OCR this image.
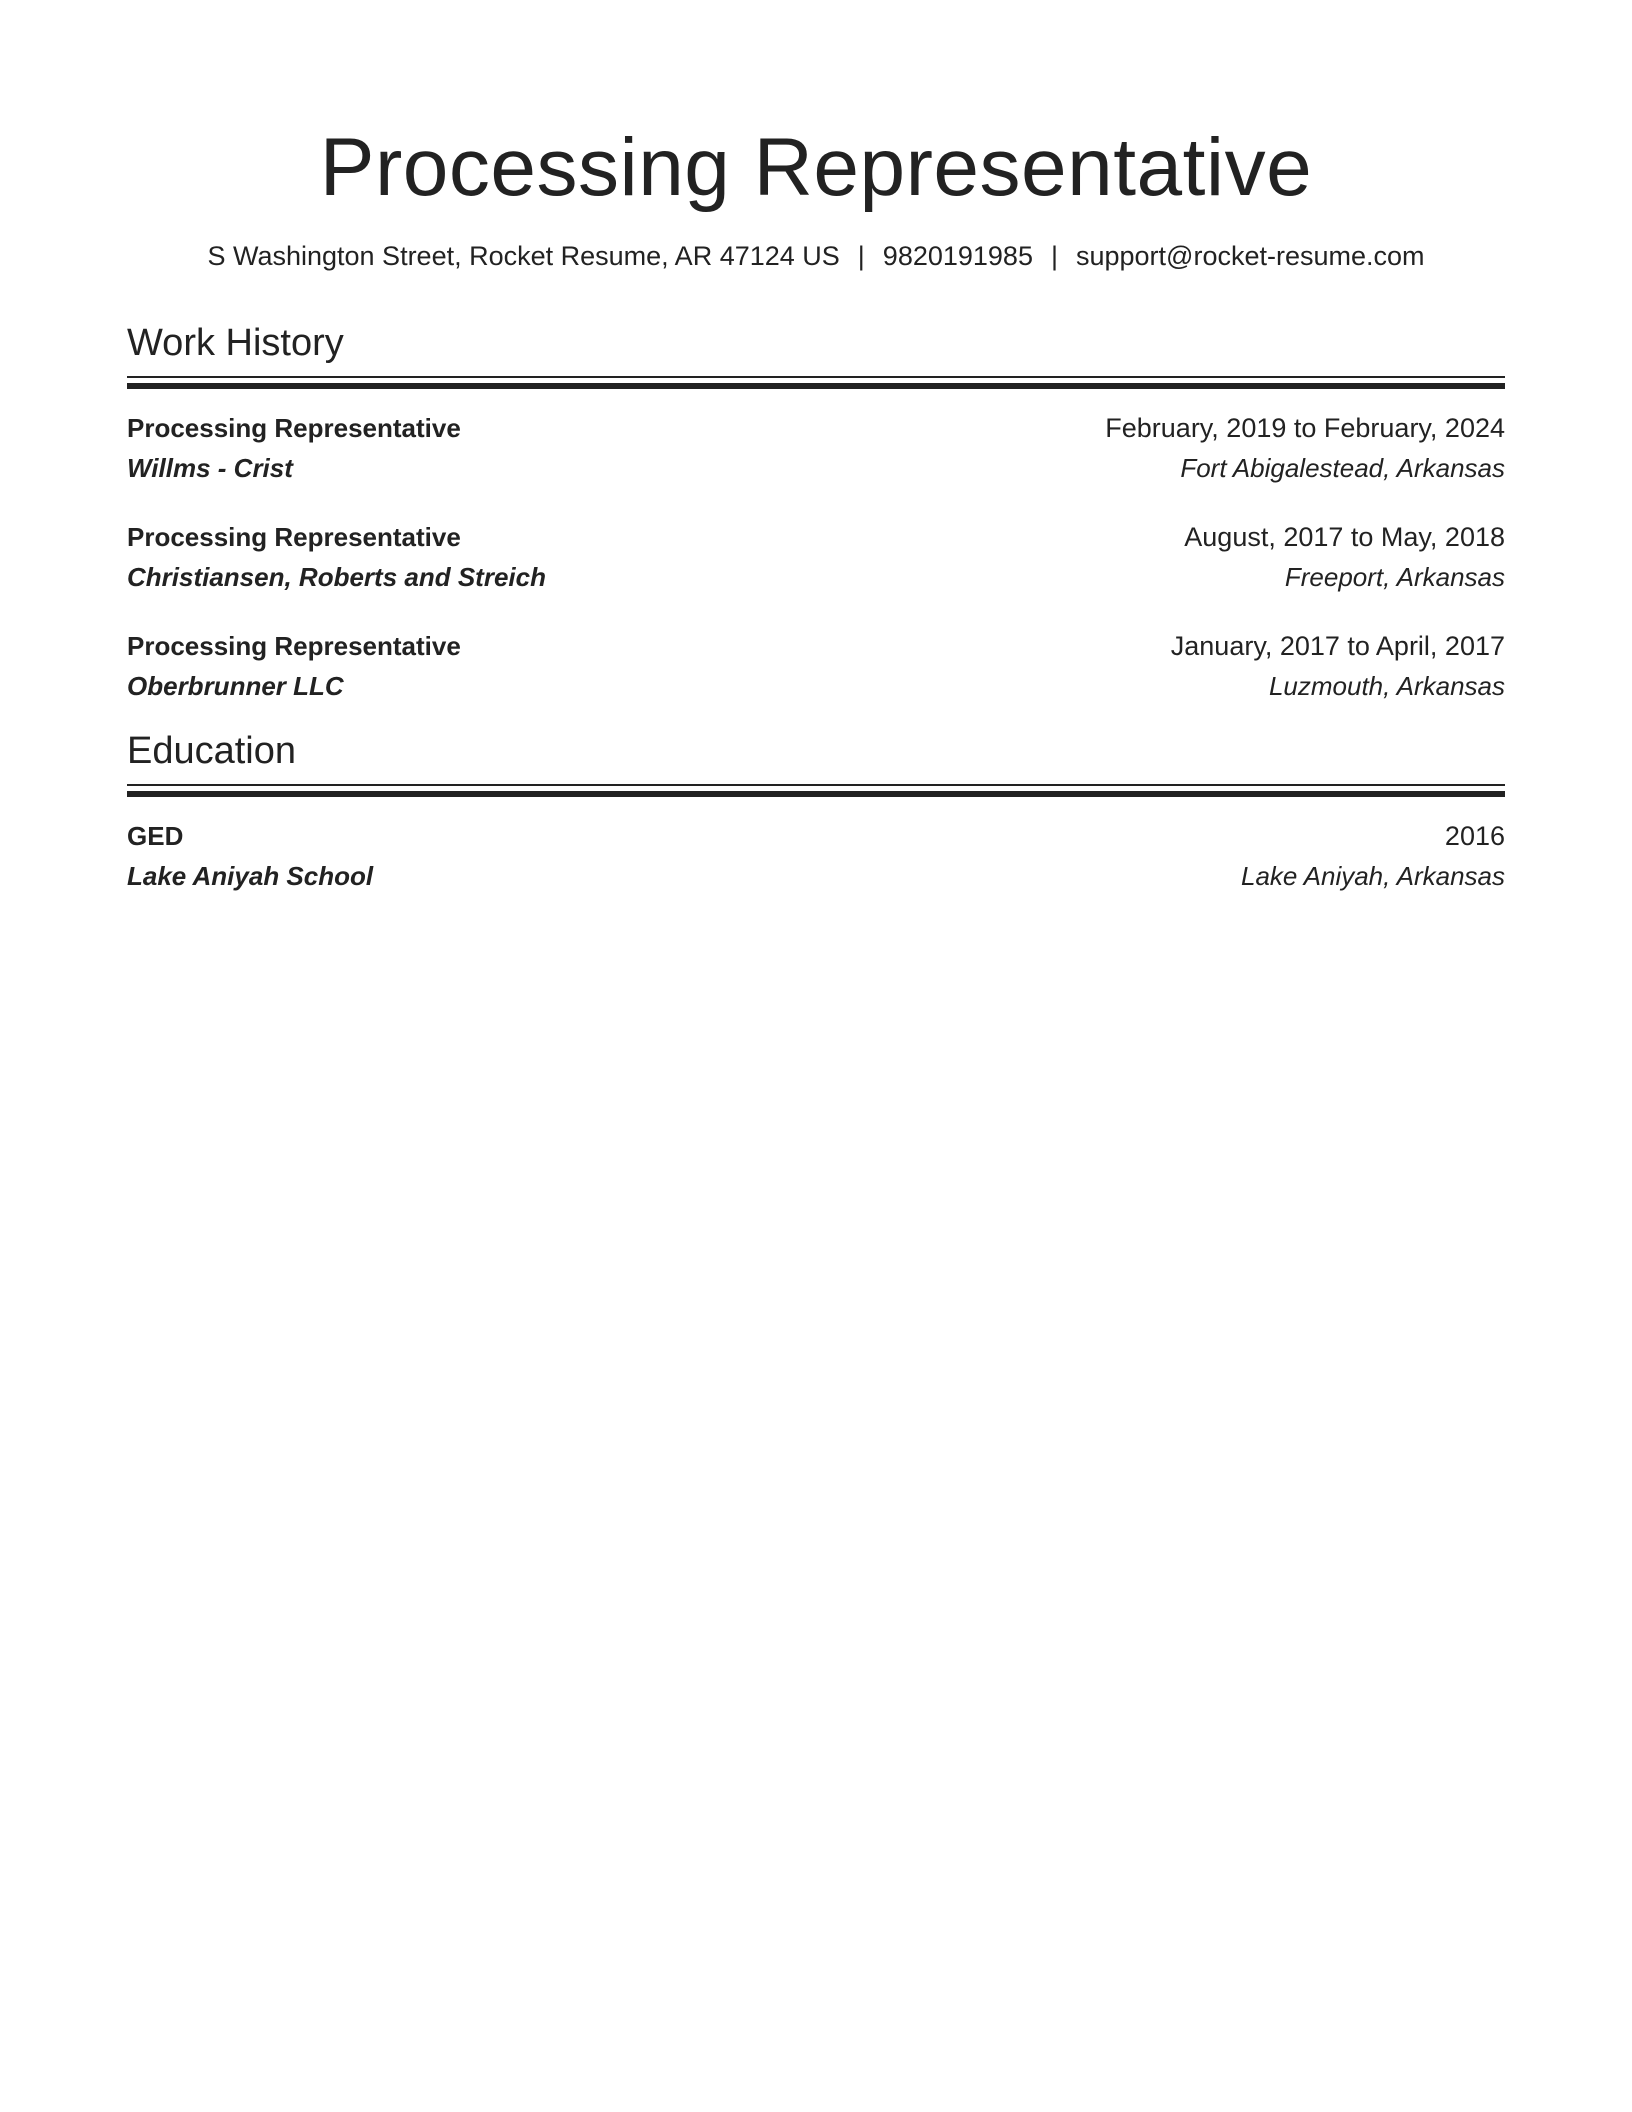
Processing Representative
S Washington Street, Rocket Resume, AR 47124 US | 9820191985 | support@rocket-resume.com
Work History
Processing Representative	February, 2019 to February, 2024
Willms - Crist	Fort Abigalestead, Arkansas
Processing Representative	August, 2017 to May, 2018
Christiansen, Roberts and Streich	Freeport, Arkansas
Processing Representative	January, 2017 to April, 2017
Oberbrunner LLC	Luzmouth, Arkansas
Education
GED	2016
Lake Aniyah School	Lake Aniyah, Arkansas
